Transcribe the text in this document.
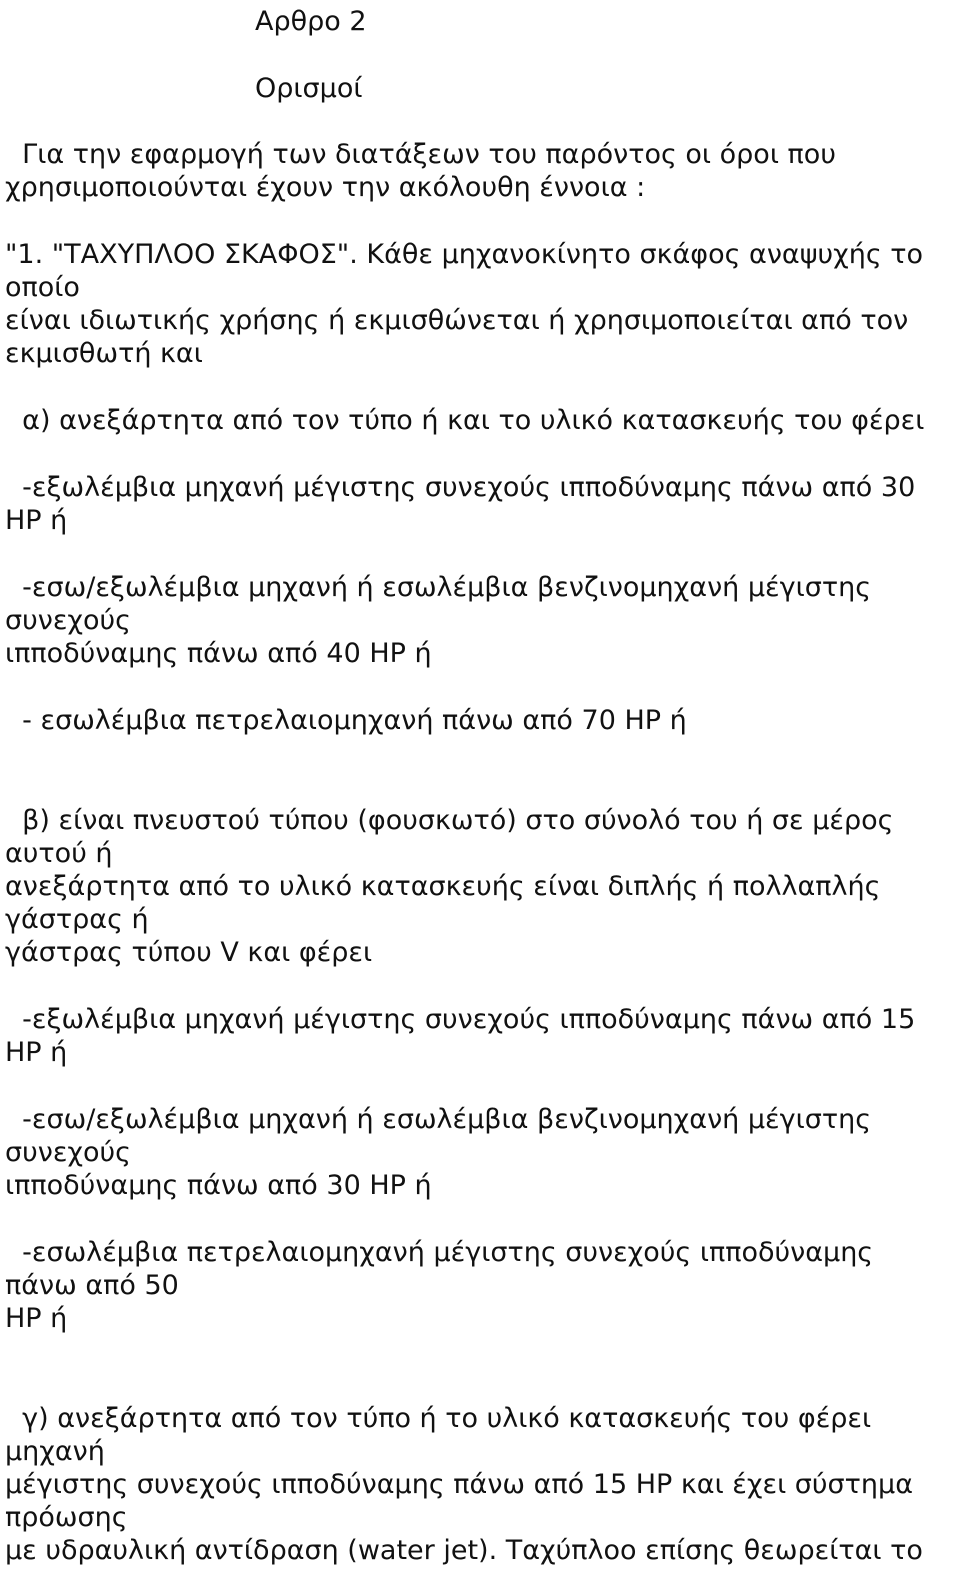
Αρθρο 2
Ορισμοί
Για την εφαρμογή των διατάξεων του παρόντος οι όροι που
χρησιμοποιούνται έχουν την ακόλουθη έννοια :
"1. "ΤΑΧΥΠΛΟΟ ΣΚΑΦΟΣ". Κάθε μηχανοκίνητο σκάφος αναψυχής το
οποίο
είναι ιδιωτικής χρήσης ή εκμισθώνεται ή χρησιμοποιείται από τον
εκμισθωτή και
α) ανεξάρτητα από τον τύπο ή και το υλικό κατασκευής του φέρει
-εξωλέμβια μηχανή μέγιστης συνεχούς ιπποδύναμης πάνω από 30
HP ή
-εσω/εξωλέμβια μηχανή ή εσωλέμβια βενζινομηχανή μέγιστης
συνεχούς
ιπποδύναμης πάνω από 40 HP ή
- εσωλέμβια πετρελαιομηχανή πάνω από 70 HP ή
β) είναι πνευστού τύπου (φουσκωτό) στο σύνολό του ή σε μέρος
αυτού ή
ανεξάρτητα από το υλικό κατασκευής είναι διπλής ή πολλαπλής
γάστρας ή
γάστρας τύπου V και φέρει
-εξωλέμβια μηχανή μέγιστης συνεχούς ιπποδύναμης πάνω από 15
HP ή
-εσω/εξωλέμβια μηχανή ή εσωλέμβια βενζινομηχανή μέγιστης
συνεχούς
ιπποδύναμης πάνω από 30 HP ή
-εσωλέμβια πετρελαιομηχανή μέγιστης συνεχούς ιπποδύναμης
πάνω από 50
HP ή
γ) ανεξάρτητα από τον τύπο ή το υλικό κατασκευής του φέρει
μηχανή
μέγιστης συνεχούς ιπποδύναμης πάνω από 15 HP και έχει σύστημα
πρόωσης
με υδραυλική αντίδραση (water jet). Ταχύπλοο επίσης θεωρείται το
